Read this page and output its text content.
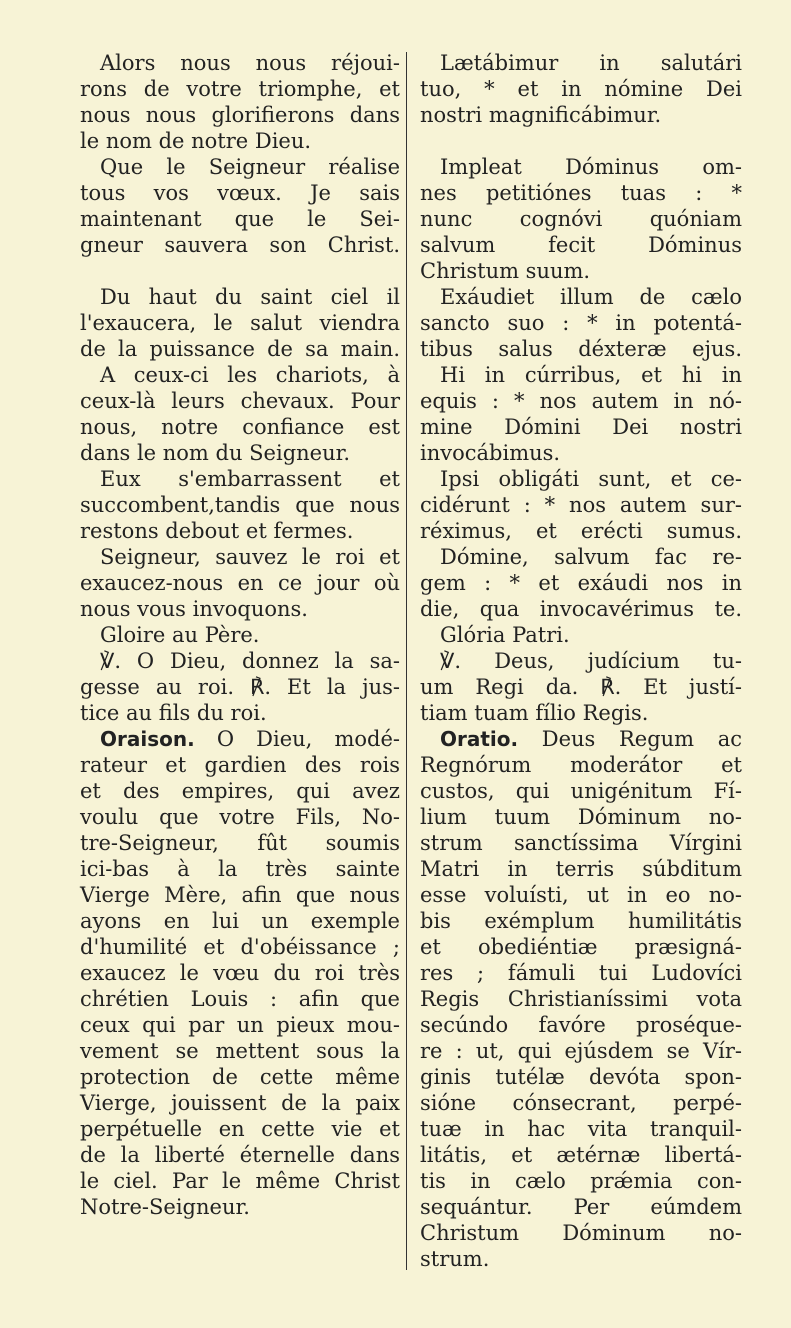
Alors nous nous réjoui-
rons de votre triomphe, et
nous nous glorifierons dans
le nom de notre Dieu.
Que le Seigneur réalise
tous vos vœux. Je sais
maintenant que le Sei-
gneur sauvera son Christ.
Du haut du saint ciel il
l'exaucera, le salut viendra
de la puissance de sa main.
A ceux-ci les chariots, à
ceux-là leurs chevaux. Pour
nous, notre confiance est
dans le nom du Seigneur.
Eux s'embarrassent et
succombent,tandis que nous
restons debout et fermes.
Seigneur, sauvez le roi et
exaucez-nous en ce jour où
nous vous invoquons.
Gloire au Père.
℣. O Dieu, donnez la sa-
gesse au roi. ℟. Et la jus-
tice au fils du roi.
Oraison. O Dieu, modé-
rateur et gardien des rois
et des empires, qui avez
voulu que votre Fils, No-
tre-Seigneur, fût soumis
ici-bas à la très sainte
Vierge Mère, afin que nous
ayons en lui un exemple
d'humilité et d'obéissance ;
exaucez le vœu du roi très
chrétien Louis : afin que
ceux qui par un pieux mou-
vement se mettent sous la
protection de cette même
Vierge, jouissent de la paix
perpétuelle en cette vie et
de la liberté éternelle dans
le ciel. Par le même Christ
Notre-Seigneur.
Lætábimur in salutári
tuo, * et in nómine Dei
nostri magnificábimur.
Impleat Dóminus om-
nes petitiónes tuas : *
nunc cognóvi quóniam
salvum fecit Dóminus
Christum suum.
Exáudiet illum de cælo
sancto suo : * in potentá-
tibus salus déxteræ ejus.
Hi in cúrribus, et hi in
equis : * nos autem in nó-
mine Dómini Dei nostri
invocábimus.
Ipsi obligáti sunt, et ce-
cidérunt : * nos autem sur-
réximus, et erécti sumus.
Dómine, salvum fac re-
gem : * et exáudi nos in
die, qua invocavérimus te.
Glória Patri.
℣. Deus, judícium tu-
um Regi da. ℟. Et justí-
tiam tuam fílio Regis.
Oratio. Deus Regum ac
Regnórum moderátor et
custos, qui unigénitum Fí-
lium tuum Dóminum no-
strum sanctíssima Vírgini
Matri in terris súbditum
esse voluísti, ut in eo no-
bis exémplum humilitátis
et obediéntiæ præsigná-
res ; fámuli tui Ludovíci
Regis Christianíssimi vota
secúndo favóre proséque-
re : ut, qui ejúsdem se Vír-
ginis tutélæ devóta spon-
sióne cónsecrant, perpé-
tuæ in hac vita tranquil-
litátis, et ætérnæ libertá-
tis in cælo prǽmia con-
sequántur. Per eúmdem
Christum Dóminum no-
strum.
